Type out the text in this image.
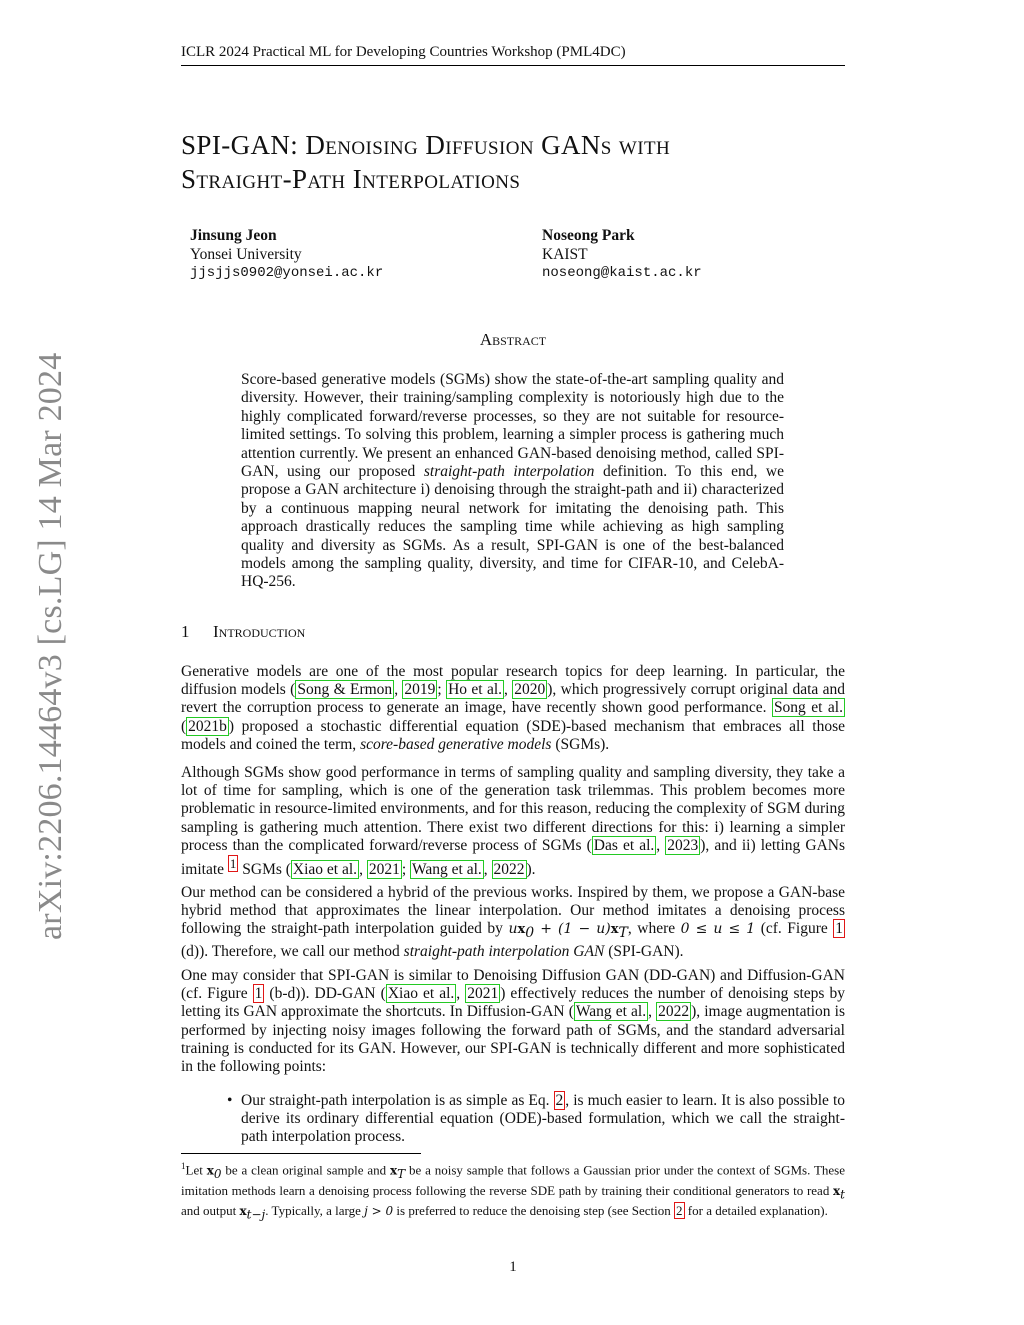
ICLR 2024 Practical ML for Developing Countries Workshop (PML4DC)
arXiv:2206.14464v3 [cs.LG] 14 Mar 2024
SPI-GAN: Denoising Diffusion GANs with
Straight-Path Interpolations
Jinsung Jeon
Yonsei University
jjsjjs0902@yonsei.ac.kr
Noseong Park
KAIST
noseong@kaist.ac.kr
Abstract
Score-based generative models (SGMs) show the state-of-the-art sampling quality and diversity. However, their training/sampling complexity is notoriously high due to the highly complicated forward/reverse processes, so they are not suitable for resource-limited settings. To solving this problem, learning a simpler process is gathering much attention currently. We present an enhanced GAN-based denoising method, called SPI-GAN, using our proposed straight-path interpolation definition. To this end, we propose a GAN architecture i) denoising through the straight-path and ii) characterized by a continuous mapping neural network for imitating the denoising path. This approach drastically reduces the sampling time while achieving as high sampling quality and diversity as SGMs. As a result, SPI-GAN is one of the best-balanced models among the sampling quality, diversity, and time for CIFAR-10, and CelebA-HQ-256.
1 Introduction

Generative models are one of the most popular research topics for deep learning. In particular, the diffusion models ( Song & Ermon , 2019 ; Ho et al. , 2020 ), which progressively corrupt original data and revert the corruption process to generate an image, have recently shown good performance. Song et al. ( 2021b ) proposed a stochastic differential equation (SDE)-based mechanism that embraces all those models and coined the term, score-based generative models (SGMs).

Although SGMs show good performance in terms of sampling quality and sampling diversity, they take a lot of time for sampling, which is one of the generation task trilemmas. This problem becomes more problematic in resource-limited environments, and for this reason, reducing the complexity of SGM during sampling is gathering much attention. There exist two different directions for this: i) learning a simpler process than the complicated forward/reverse process of SGMs ( Das et al. , 2023 ), and ii) letting GANs imitate $^1$ SGMs ( Xiao et al. , 2021 ; Wang et al. , 2022 ).

Our method can be considered a hybrid of the previous works. Inspired by them, we propose a GAN-base hybrid method that approximates the linear interpolation. Our method imitates a denoising process following the straight-path interpolation guided by $ux_0 + (1 - u)x_T$, where 0 ≤ u ≤ 1 (cf. Figure 1 (d)). Therefore, we call our method straight-path interpolation GAN (SPI-GAN).

One may consider that SPI-GAN is similar to Denoising Diffusion GAN (DD-GAN) and Diffusion-GAN (cf. Figure 1 (b-d)). DD-GAN ( Xiao et al. , 2021 ) effectively reduces the number of denoising steps by letting its GAN approximate the shortcuts. In Diffusion-GAN ( Wang et al. , 2022 ), image augmentation is performed by injecting noisy images following the forward path of SGMs, and the standard adversarial training is conducted for its GAN. However, our SPI-GAN is technically different and more sophisticated in the following points:

• Our straight-path interpolation is as simple as Eq. 2 , is much easier to learn. It is also possible to derive its ordinary differential equation (ODE)-based formulation, which we call the straight-path interpolation process.
$^1$Let $x_0$ be a clean original sample and $x_T$ be a noisy sample that follows a Gaussian prior under the context of SGMs. These imitation methods learn a denoising process following the reverse SDE path by training their conditional generators to read $x_t$ and output $x_{t-j}$. Typically, a large j > 0 is preferred to reduce the denoising step (see Section 2 for a detailed explanation).
1
